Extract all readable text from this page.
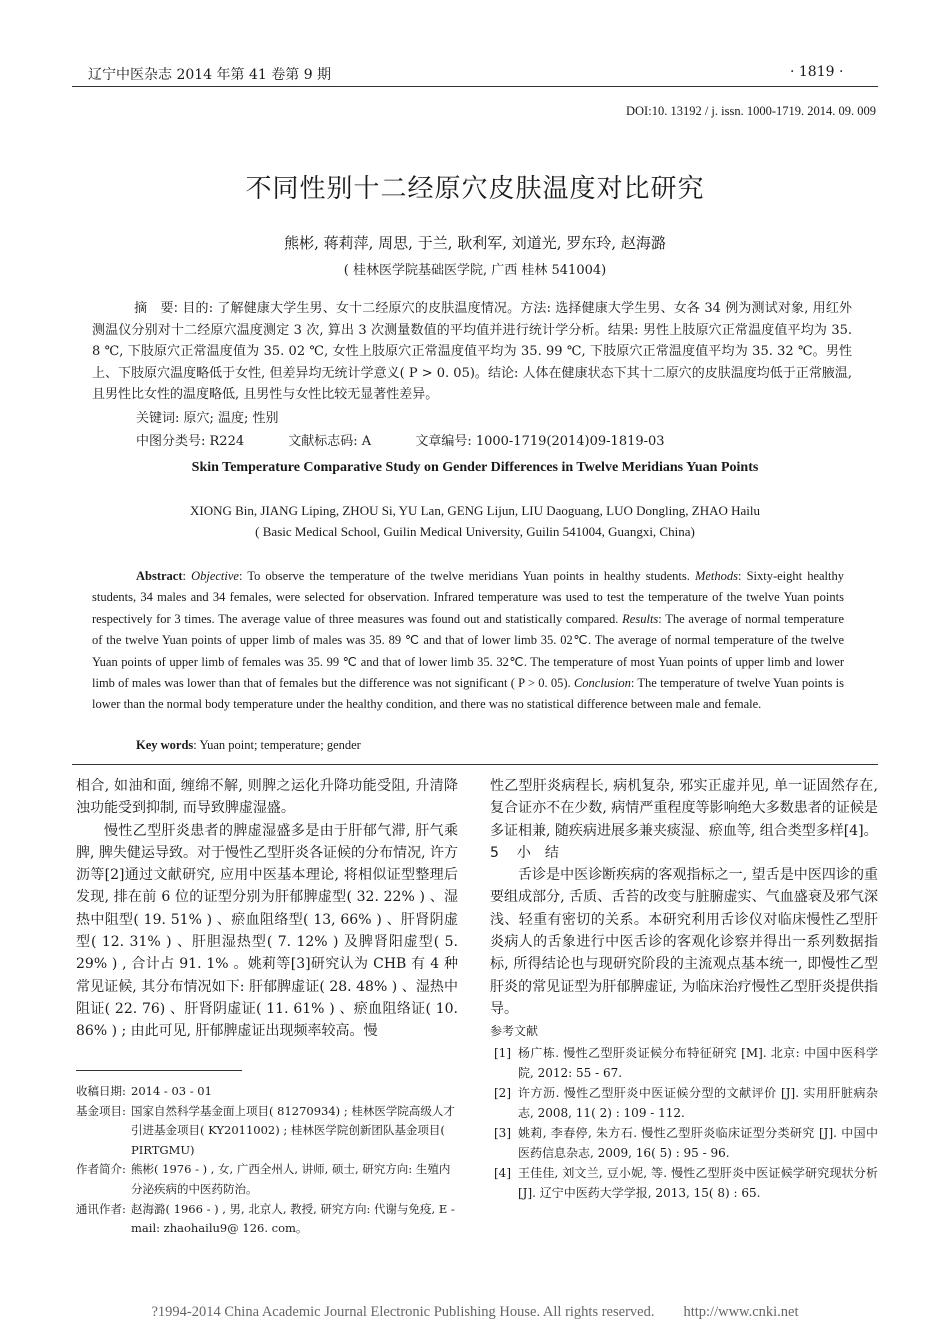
辽宁中医杂志 2014 年第 41 卷第 9 期	· 1819 ·
DOI:10. 13192 / j. issn. 1000-1719. 2014. 09. 009
不同性别十二经原穴皮肤温度对比研究
熊彬, 蒋莉萍, 周思, 于兰, 耿利军, 刘道光, 罗东玲, 赵海潞
( 桂林医学院基础医学院, 广西 桂林 541004)
摘　要: 目的: 了解健康大学生男、女十二经原穴的皮肤温度情况。方法: 选择健康大学生男、女各 34 例为测试对象, 用红外测温仪分别对十二经原穴温度测定 3 次, 算出 3 次测量数值的平均值并进行统计学分析。结果: 男性上肢原穴正常温度值平均为 35. 8 ℃, 下肢原穴正常温度值为 35. 02 ℃, 女性上肢原穴正常温度值平均为 35. 99 ℃, 下肢原穴正常温度值平均为 35. 32 ℃。男性上、下肢原穴温度略低于女性, 但差异均无统计学意义( P > 0. 05)。结论: 人体在健康状态下其十二原穴的皮肤温度均低于正常腋温, 且男性比女性的温度略低, 且男性与女性比较无显著性差异。
关键词: 原穴; 温度; 性别
中图分类号: R224	文献标志码: A	文章编号: 1000-1719(2014)09-1819-03
Skin Temperature Comparative Study on Gender Differences in Twelve Meridians Yuan Points
XIONG Bin, JIANG Liping, ZHOU Si, YU Lan, GENG Lijun, LIU Daoguang, LUO Dongling, ZHAO Hailu
( Basic Medical School, Guilin Medical University, Guilin 541004, Guangxi, China)
Abstract: Objective: To observe the temperature of the twelve meridians Yuan points in healthy students. Methods: Sixty-eight healthy students, 34 males and 34 females, were selected for observation. Infrared temperature was used to test the temperature of the twelve Yuan points respectively for 3 times. The average value of three measures was found out and statistically compared. Results: The average of normal temperature of the twelve Yuan points of upper limb of males was 35. 89 ℃ and that of lower limb 35. 02℃. The average of normal temperature of the twelve Yuan points of upper limb of females was 35. 99 ℃ and that of lower limb 35. 32℃. The temperature of most Yuan points of upper limb and lower limb of males was lower than that of females but the difference was not significant ( P > 0. 05). Conclusion: The temperature of twelve Yuan points is lower than the normal body temperature under the healthy condition, and there was no statistical difference between male and female.
Key words: Yuan point; temperature; gender

相合, 如油和面, 缠绵不解, 则脾之运化升降功能受阻, 升清降浊功能受到抑制, 而导致脾虚湿盛。

慢性乙型肝炎患者的脾虚湿盛多是由于肝郁气滞, 肝气乘脾, 脾失健运导致。对于慢性乙型肝炎各证候的分布情况, 许方沥等[2]通过文献研究, 应用中医基本理论, 将相似证型整理后发现, 排在前 6 位的证型分别为肝郁脾虚型( 32. 22% ) 、湿热中阻型( 19. 51% ) 、瘀血阻络型( 13, 66% ) 、肝肾阴虚型( 12. 31% ) 、肝胆湿热型( 7. 12% ) 及脾肾阳虚型( 5. 29% ) , 合计占 91. 1% 。姚莉等[3]研究认为 CHB 有 4 种常见证候, 其分布情况如下: 肝郁脾虚证( 28. 48% ) 、湿热中阻证( 22. 76) 、肝肾阴虚证( 11. 61% ) 、瘀血阻络证( 10. 86% ) ; 由此可见, 肝郁脾虚证出现频率较高。慢

性乙型肝炎病程长, 病机复杂, 邪实正虚并见, 单一证固然存在, 复合证亦不在少数, 病情严重程度等影响绝大多数患者的证候是多证相兼, 随疾病进展多兼夹痰湿、瘀血等, 组合类型多样[4]。

5 小　结

舌诊是中医诊断疾病的客观指标之一, 望舌是中医四诊的重要组成部分, 舌质、舌苔的改变与脏腑虚实、气血盛衰及邪气深浅、轻重有密切的关系。本研究利用舌诊仪对临床慢性乙型肝炎病人的舌象进行中医舌诊的客观化诊察并得出一系列数据指标, 所得结论也与现研究阶段的主流观点基本统一, 即慢性乙型肝炎的常见证型为肝郁脾虚证, 为临床治疗慢性乙型肝炎提供指导。

参考文献

[1] 杨广栋. 慢性乙型肝炎证候分布特征研究 [M]. 北京: 中国中医科学院, 2012: 55 - 67.
[2] 许方沥. 慢性乙型肝炎中医证候分型的文献评价 [J]. 实用肝脏病杂志, 2008, 11( 2) : 109 - 112.
[3] 姚莉, 李春停, 朱方石. 慢性乙型肝炎临床证型分类研究 [J]. 中国中医药信息杂志, 2009, 16( 5) : 95 - 96.
[4] 王佳佳, 刘文兰, 豆小妮, 等. 慢性乙型肝炎中医证候学研究现状分析 [J]. 辽宁中医药大学学报, 2013, 15( 8) : 65.
收稿日期: 2014 - 03 - 01
基金项目: 国家自然科学基金面上项目( 81270934) ; 桂林医学院高级人才引进基金项目( KY2011002) ; 桂林医学院创新团队基金项目( PIRTGMU)
作者简介: 熊彬( 1976 - ) , 女, 广西全州人, 讲师, 硕士, 研究方向: 生殖内分泌疾病的中医药防治。
通讯作者: 赵海潞( 1966 - ) , 男, 北京人, 教授, 研究方向: 代谢与免疫, E - mail: zhaohailu9@ 126. com。
?1994-2014 China Academic Journal Electronic Publishing House. All rights reserved.　　http://www.cnki.net
